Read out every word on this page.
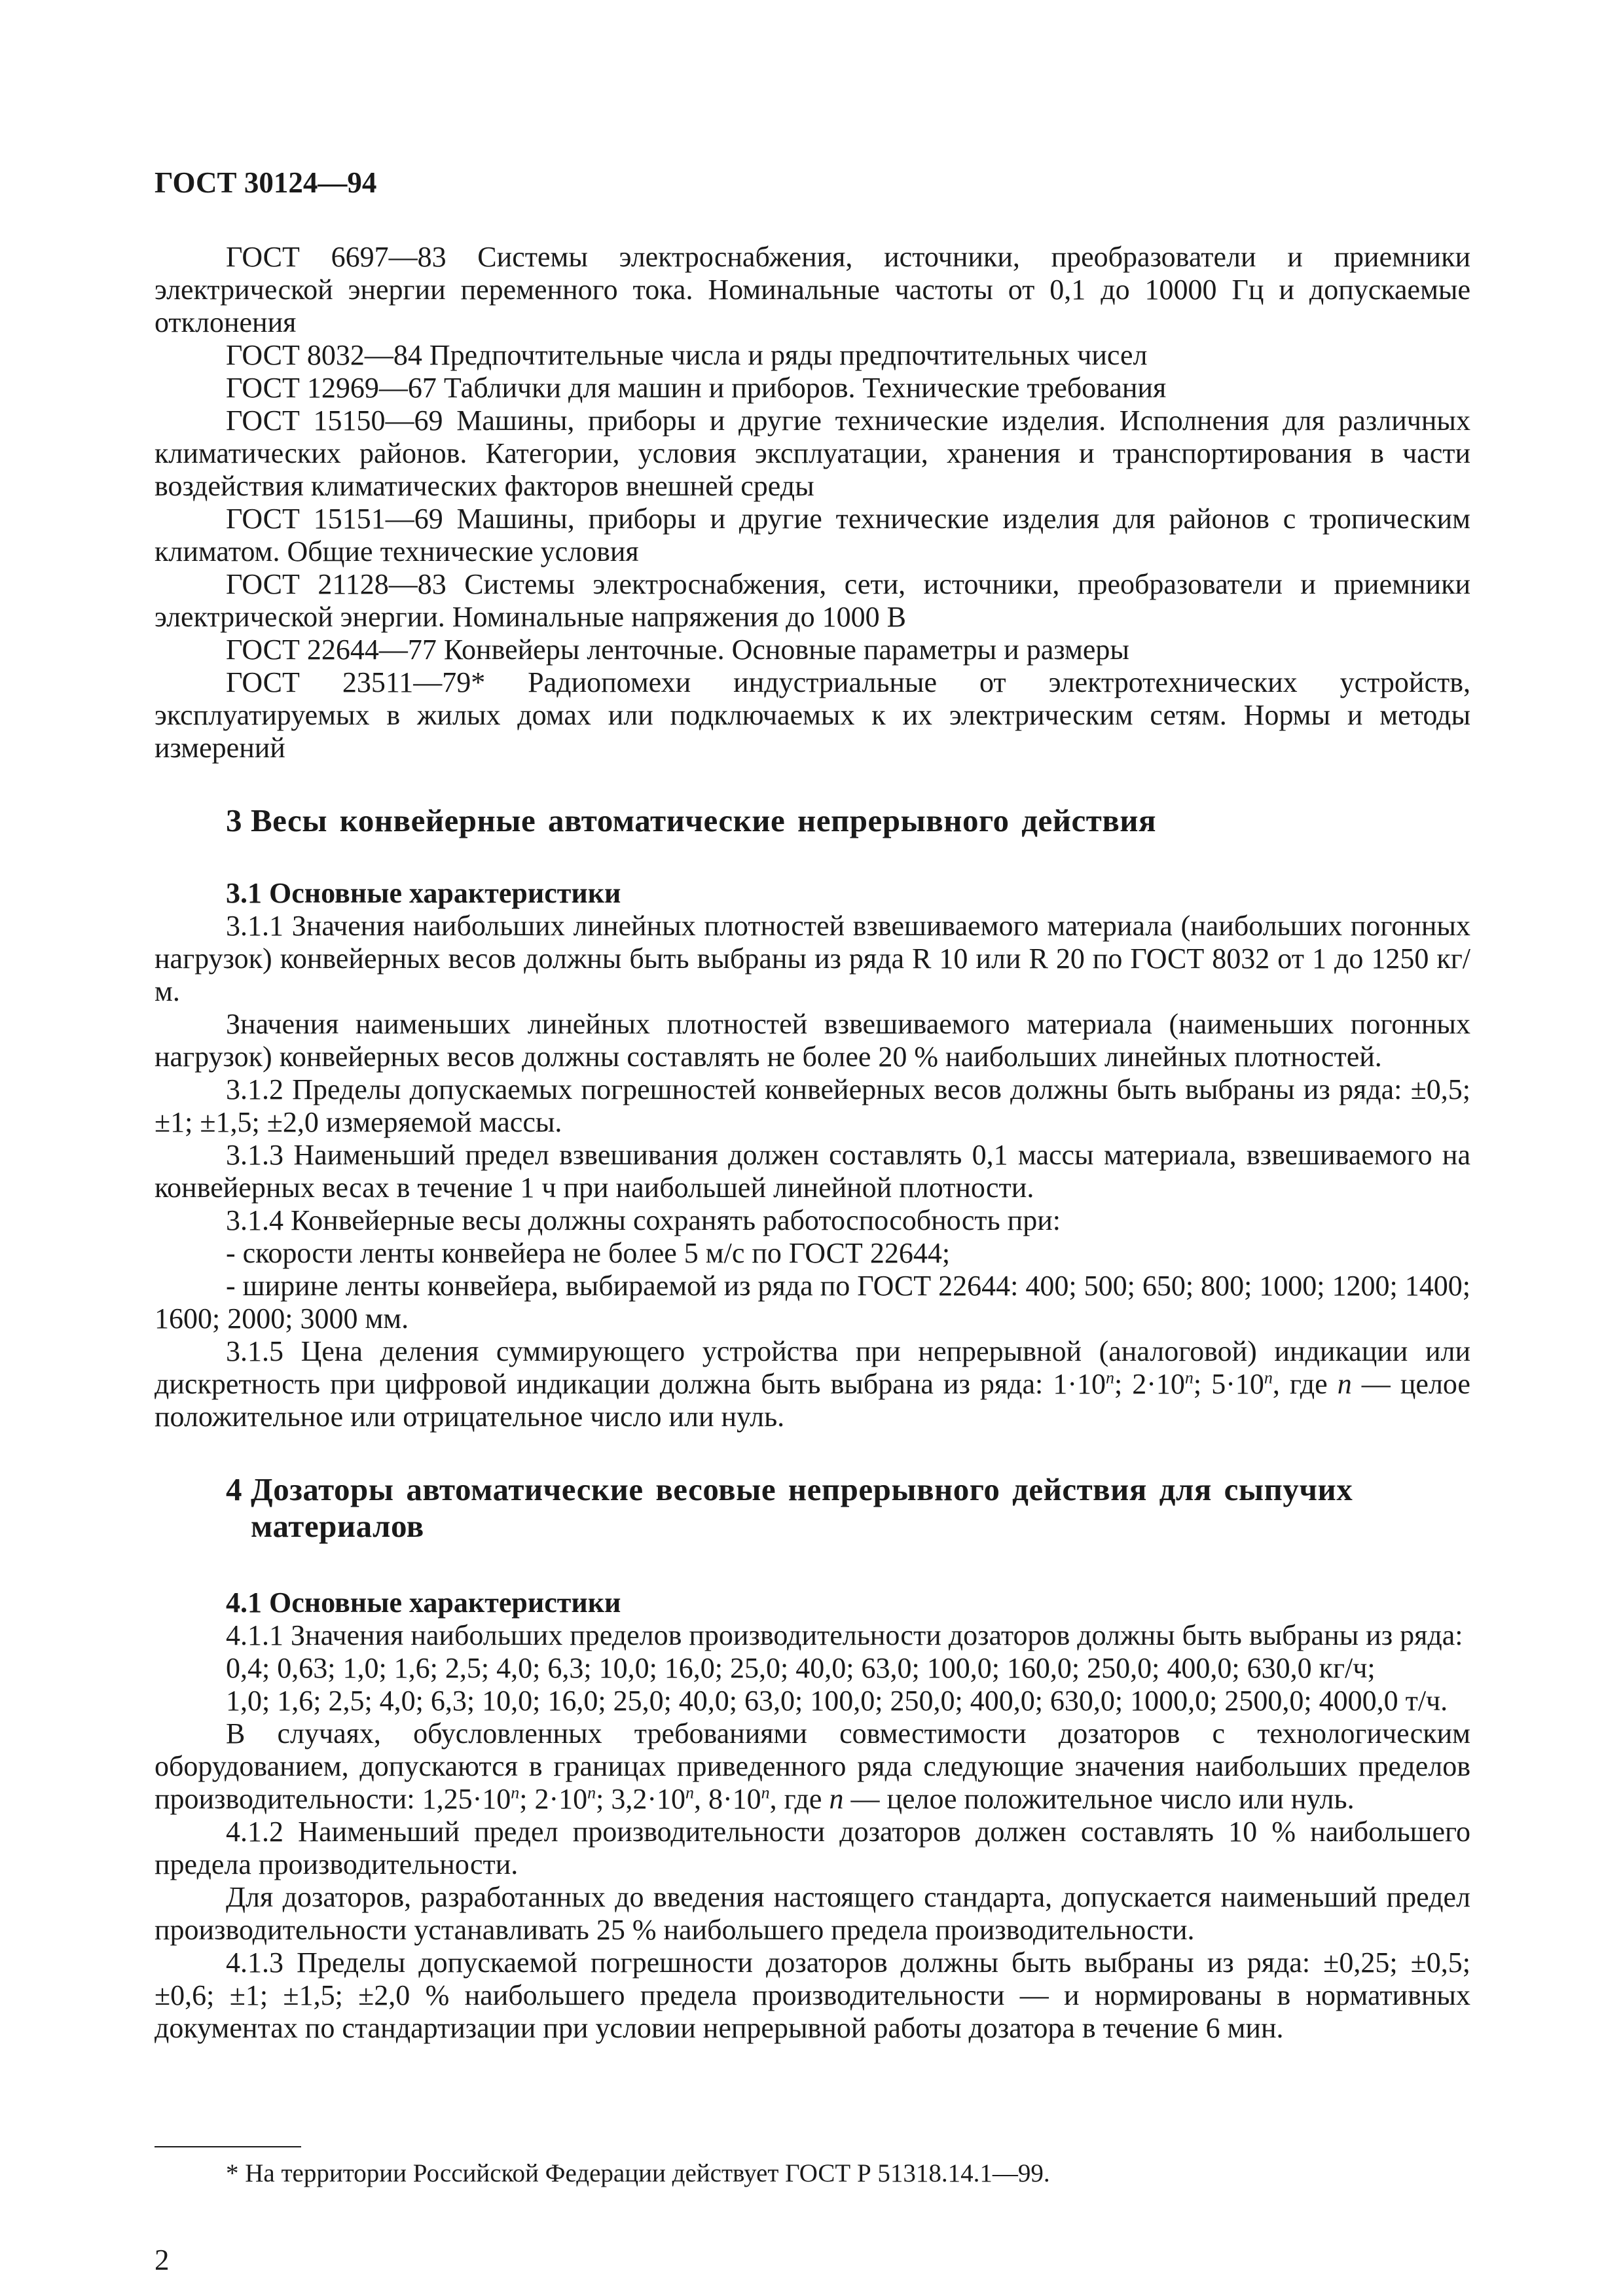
ГОСТ 30124—94

ГОСТ 6697—83 Системы электроснабжения, источники, преобразователи и приемники электрической энергии переменного тока. Номинальные частоты от 0,1 до 10000 Гц и допускаемые отклонения

ГОСТ 8032—84 Предпочтительные числа и ряды предпочтительных чисел

ГОСТ 12969—67 Таблички для машин и приборов. Технические требования

ГОСТ 15150—69 Машины, приборы и другие технические изделия. Исполнения для различных климатических районов. Категории, условия эксплуатации, хранения и транспортирования в части воздействия климатических факторов внешней среды

ГОСТ 15151—69 Машины, приборы и другие технические изделия для районов с тропическим климатом. Общие технические условия

ГОСТ 21128—83 Системы электроснабжения, сети, источники, преобразователи и приемники электрической энергии. Номинальные напряжения до 1000 В

ГОСТ 22644—77 Конвейеры ленточные. Основные параметры и размеры

ГОСТ 23511—79* Радиопомехи индустриальные от электротехнических устройств, эксплуатируемых в жилых домах или подключаемых к их электрическим сетям. Нормы и методы измерений

3 Весы конвейерные автоматические непрерывного действия

3.1 Основные характеристики

3.1.1 Значения наибольших линейных плотностей взвешиваемого материала (наибольших погонных нагрузок) конвейерных весов должны быть выбраны из ряда R 10 или R 20 по ГОСТ 8032 от 1 до 1250 кг/м.

Значения наименьших линейных плотностей взвешиваемого материала (наименьших погонных нагрузок) конвейерных весов должны составлять не более 20 % наибольших линейных плотностей.

3.1.2 Пределы допускаемых погрешностей конвейерных весов должны быть выбраны из ряда: ±0,5; ±1; ±1,5; ±2,0 измеряемой массы.

3.1.3 Наименьший предел взвешивания должен составлять 0,1 массы материала, взвешиваемого на конвейерных весах в течение 1 ч при наибольшей линейной плотности.

3.1.4 Конвейерные весы должны сохранять работоспособность при:

- скорости ленты конвейера не более 5 м/с по ГОСТ 22644;

- ширине ленты конвейера, выбираемой из ряда по ГОСТ 22644: 400; 500; 650; 800; 1000; 1200; 1400; 1600; 2000; 3000 мм.

3.1.5 Цена деления суммирующего устройства при непрерывной (аналоговой) индикации или дискретность при цифровой индикации должна быть выбрана из ряда: $1\cdot 10^n$; $2\cdot 10^n$; $5\cdot 10^n$, где n — целое положительное или отрицательное число или нуль.

4 Дозаторы автоматические весовые непрерывного действия для сыпучих
материалов

4.1 Основные характеристики

4.1.1 Значения наибольших пределов производительности дозаторов должны быть выбраны из ряда:

0,4; 0,63; 1,0; 1,6; 2,5; 4,0; 6,3; 10,0; 16,0; 25,0; 40,0; 63,0; 100,0; 160,0; 250,0; 400,0; 630,0 кг/ч;

1,0; 1,6; 2,5; 4,0; 6,3; 10,0; 16,0; 25,0; 40,0; 63,0; 100,0; 250,0; 400,0; 630,0; 1000,0; 2500,0; 4000,0 т/ч.

В случаях, обусловленных требованиями совместимости дозаторов с технологическим оборудованием, допускаются в границах приведенного ряда следующие значения наибольших пределов производительности: $1,25\cdot 10^n$; $2\cdot 10^n$; $3,2\cdot 10^n$, $8\cdot 10^n$, где n — целое положительное число или нуль.

4.1.2 Наименьший предел производительности дозаторов должен составлять 10 % наибольшего предела производительности.

Для дозаторов, разработанных до введения настоящего стандарта, допускается наименьший предел производительности устанавливать 25 % наибольшего предела производительности.

4.1.3 Пределы допускаемой погрешности дозаторов должны быть выбраны из ряда: ±0,25; ±0,5; ±0,6; ±1; ±1,5; ±2,0 % наибольшего предела производительности — и нормированы в нормативных документах по стандартизации при условии непрерывной работы дозатора в течение 6 мин.

* На территории Российской Федерации действует ГОСТ Р 51318.14.1—99.
2
